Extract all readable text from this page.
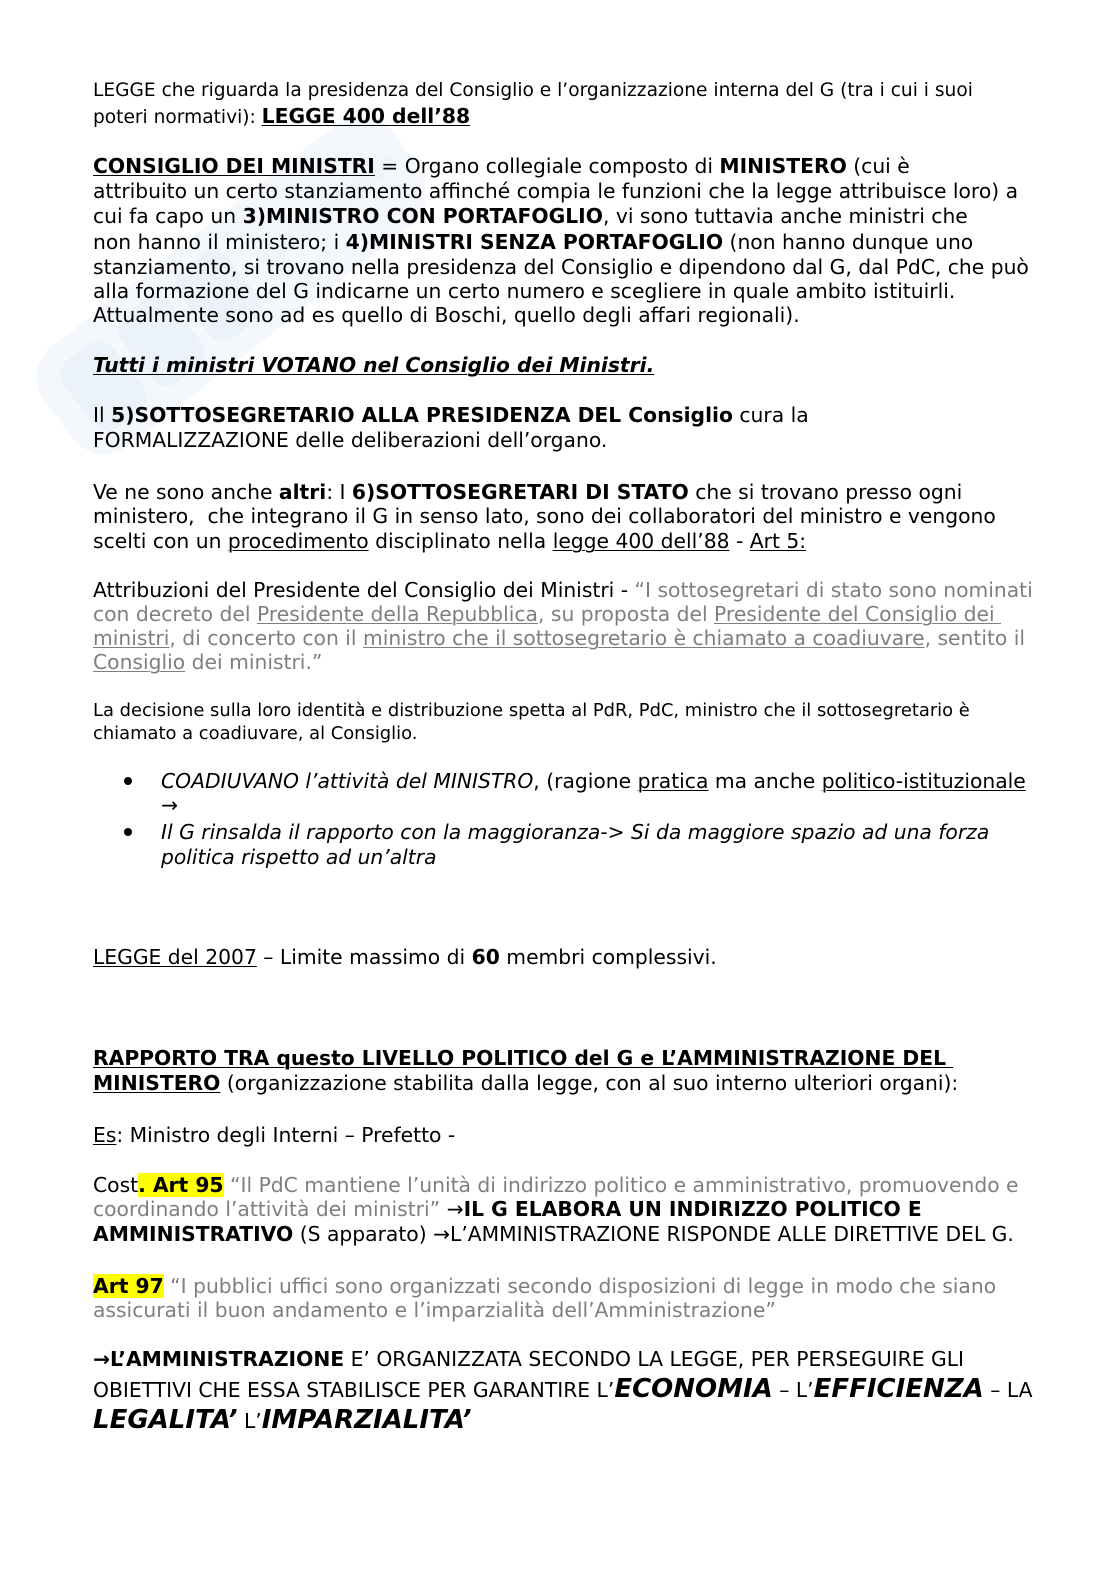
LEGGE che riguarda la presidenza del Consiglio e l’organizzazione interna del G (tra i cui i suoi
poteri normativi): LEGGE 400 dell’88
CONSIGLIO DEI MINISTRI = Organo collegiale composto di MINISTERO (cui è
attribuito un certo stanziamento affinché compia le funzioni che la legge attribuisce loro) a
cui fa capo un 3)MINISTRO CON PORTAFOGLIO, vi sono tuttavia anche ministri che
non hanno il ministero; i 4)MINISTRI SENZA PORTAFOGLIO (non hanno dunque uno
stanziamento, si trovano nella presidenza del Consiglio e dipendono dal G, dal PdC, che può
alla formazione del G indicarne un certo numero e scegliere in quale ambito istituirli.
Attualmente sono ad es quello di Boschi, quello degli affari regionali).
Tutti i ministri VOTANO nel Consiglio dei Ministri.
Il 5)SOTTOSEGRETARIO ALLA PRESIDENZA DEL Consiglio cura la
FORMALIZZAZIONE delle deliberazioni dell’organo.
Ve ne sono anche altri: I 6)SOTTOSEGRETARI DI STATO che si trovano presso ogni
ministero,  che integrano il G in senso lato, sono dei collaboratori del ministro e vengono
scelti con un procedimento disciplinato nella legge 400 dell’88 - Art 5:
Attribuzioni del Presidente del Consiglio dei Ministri - “I sottosegretari di stato sono nominati
con decreto del Presidente della Repubblica, su proposta del Presidente del Consiglio dei
ministri, di concerto con il ministro che il sottosegretario è chiamato a coadiuvare, sentito il
Consiglio dei ministri.”
La decisione sulla loro identità e distribuzione spetta al PdR, PdC, ministro che il sottosegretario è
chiamato a coadiuvare, al Consiglio.
COADIUVANO l’attività del MINISTRO, (ragione pratica ma anche politico-istituzionale
→
Il G rinsalda il rapporto con la maggioranza-> Si da maggiore spazio ad una forza
politica rispetto ad un’altra
LEGGE del 2007 – Limite massimo di 60 membri complessivi.
RAPPORTO TRA questo LIVELLO POLITICO del G e L’AMMINISTRAZIONE DEL
MINISTERO (organizzazione stabilita dalla legge, con al suo interno ulteriori organi):
Es: Ministro degli Interni – Prefetto -
Cost. Art 95 “Il PdC mantiene l’unità di indirizzo politico e amministrativo, promuovendo e
coordinando l’attività dei ministri” →IL G ELABORA UN INDIRIZZO POLITICO E
AMMINISTRATIVO (S apparato) →L’AMMINISTRAZIONE RISPONDE ALLE DIRETTIVE DEL G.
Art 97 “I pubblici uffici sono organizzati secondo disposizioni di legge in modo che siano
assicurati il buon andamento e l’imparzialità dell’Amministrazione”
→L’AMMINISTRAZIONE E’ ORGANIZZATA SECONDO LA LEGGE, PER PERSEGUIRE GLI
OBIETTIVI CHE ESSA STABILISCE PER GARANTIRE L’ECONOMIA – L’EFFICIENZA – LA
LEGALITA’ L’IMPARZIALITA’
